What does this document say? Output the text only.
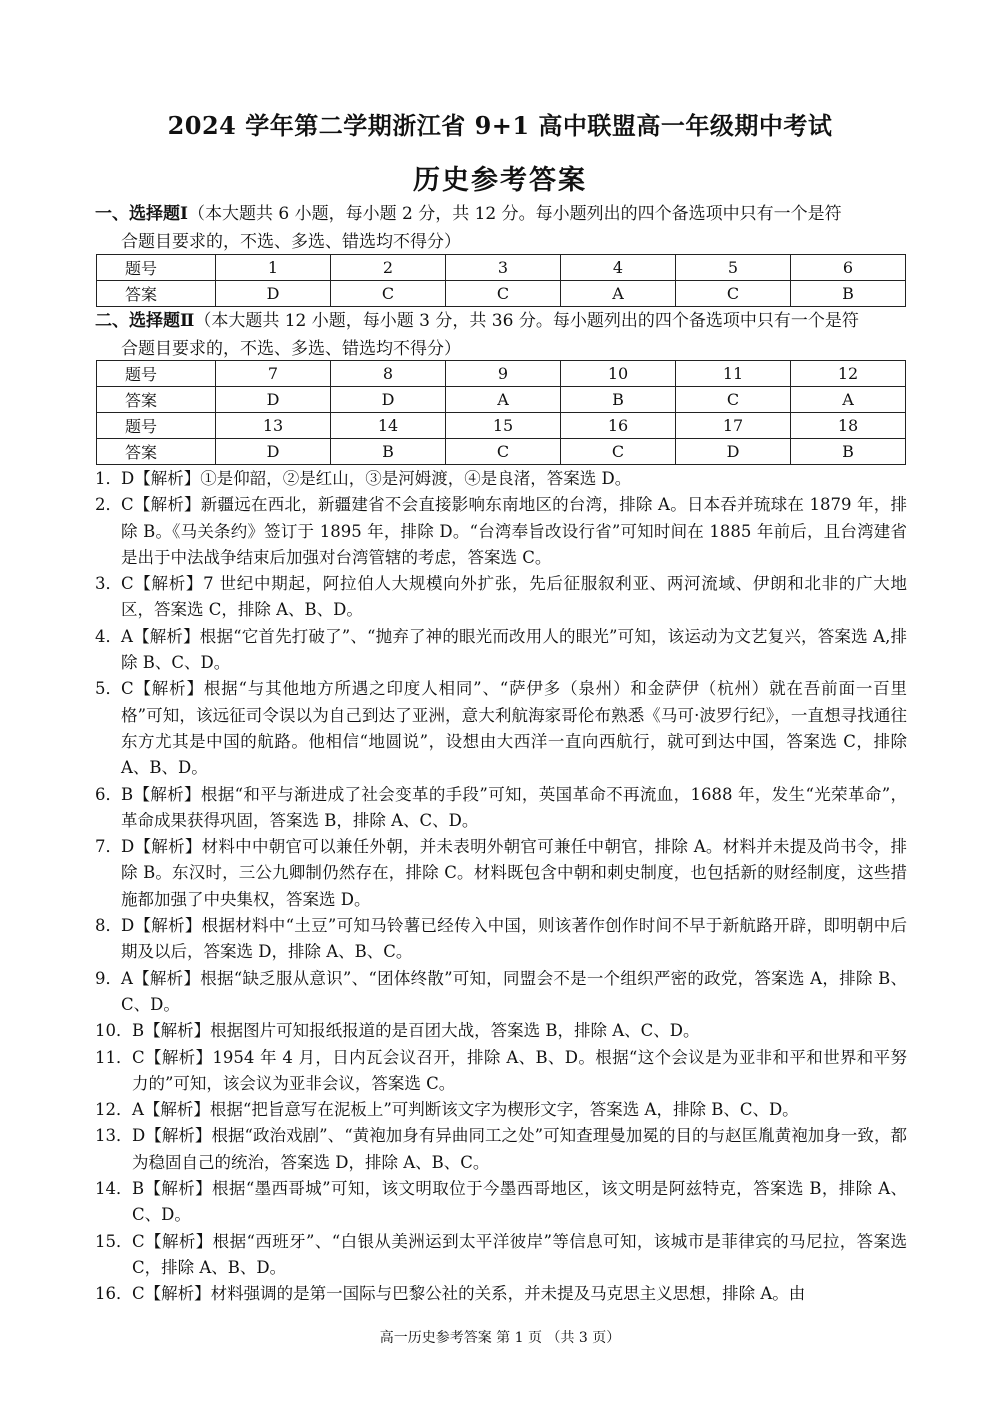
2024 学年第二学期浙江省 9+1 高中联盟高一年级期中考试
历史参考答案
一、选择题Ⅰ（本大题共 6 小题，每小题 2 分，共 12 分。每小题列出的四个备选项中只有一个是符
合题目要求的，不选、多选、错选均不得分）
题号	1	2	3	4	5	6
答案	D	C	C	A	C	B
二、选择题Ⅱ（本大题共 12 小题，每小题 3 分，共 36 分。每小题列出的四个备选项中只有一个是符
合题目要求的，不选、多选、错选均不得分）
题号	7	8	9	10	11	12
答案	D	D	A	B	C	A
题号	13	14	15	16	17	18
答案	D	B	C	C	D	B
1． D【解析】①是仰韶，②是红山，③是河姆渡，④是良渚，答案选 D。
2． C【解析】新疆远在西北，新疆建省不会直接影响东南地区的台湾，排除 A。日本吞并琉球在 1879 年，排除 B。《马关条约》签订于 1895 年，排除 D。“台湾奉旨改设行省”可知时间在 1885 年前后，且台湾建省是出于中法战争结束后加强对台湾管辖的考虑，答案选 C。
3． C【解析】7 世纪中期起，阿拉伯人大规模向外扩张，先后征服叙利亚、两河流域、伊朗和北非的广大地区，答案选 C，排除 A、B、D。
4． A【解析】根据“它首先打破了”、“抛弃了神的眼光而改用人的眼光”可知，该运动为文艺复兴，答案选 A,排除 B、C、D。
5． C【解析】根据“与其他地方所遇之印度人相同”、“萨伊多（泉州）和金萨伊（杭州）就在吾前面一百里格”可知，该远征司令误以为自己到达了亚洲，意大利航海家哥伦布熟悉《马可·波罗行纪》，一直想寻找通往东方尤其是中国的航路。他相信“地圆说”，设想由大西洋一直向西航行，就可到达中国，答案选 C，排除 A、B、D。
6． B【解析】根据“和平与渐进成了社会变革的手段”可知，英国革命不再流血，1688 年，发生“光荣革命”，革命成果获得巩固，答案选 B，排除 A、C、D。
7． D【解析】材料中中朝官可以兼任外朝，并未表明外朝官可兼任中朝官，排除 A。材料并未提及尚书令，排除 B。东汉时，三公九卿制仍然存在，排除 C。材料既包含中朝和刺史制度，也包括新的财经制度，这些措施都加强了中央集权，答案选 D。
8． D【解析】根据材料中“土豆”可知马铃薯已经传入中国，则该著作创作时间不早于新航路开辟，即明朝中后期及以后，答案选 D，排除 A、B、C。
9． A【解析】根据“缺乏服从意识”、“团体终散”可知，同盟会不是一个组织严密的政党，答案选 A，排除 B、C、D。
10． B【解析】根据图片可知报纸报道的是百团大战，答案选 B，排除 A、C、D。
11． C【解析】1954 年 4 月，日内瓦会议召开，排除 A、B、D。根据“这个会议是为亚非和平和世界和平努力的”可知，该会议为亚非会议，答案选 C。
12． A【解析】根据“把旨意写在泥板上”可判断该文字为楔形文字，答案选 A，排除 B、C、D。
13． D【解析】根据“政治戏剧”、“黄袍加身有异曲同工之处”可知查理曼加冕的目的与赵匡胤黄袍加身一致，都为稳固自己的统治，答案选 D，排除 A、B、C。
14． B【解析】根据“墨西哥城”可知，该文明取位于今墨西哥地区，该文明是阿兹特克，答案选 B，排除 A、C、D。
15． C【解析】根据“西班牙”、“白银从美洲运到太平洋彼岸”等信息可知，该城市是菲律宾的马尼拉，答案选 C，排除 A、B、D。
16． C【解析】材料强调的是第一国际与巴黎公社的关系，并未提及马克思主义思想，排除 A。由
高一历史参考答案 第 1 页 （共 3 页）
